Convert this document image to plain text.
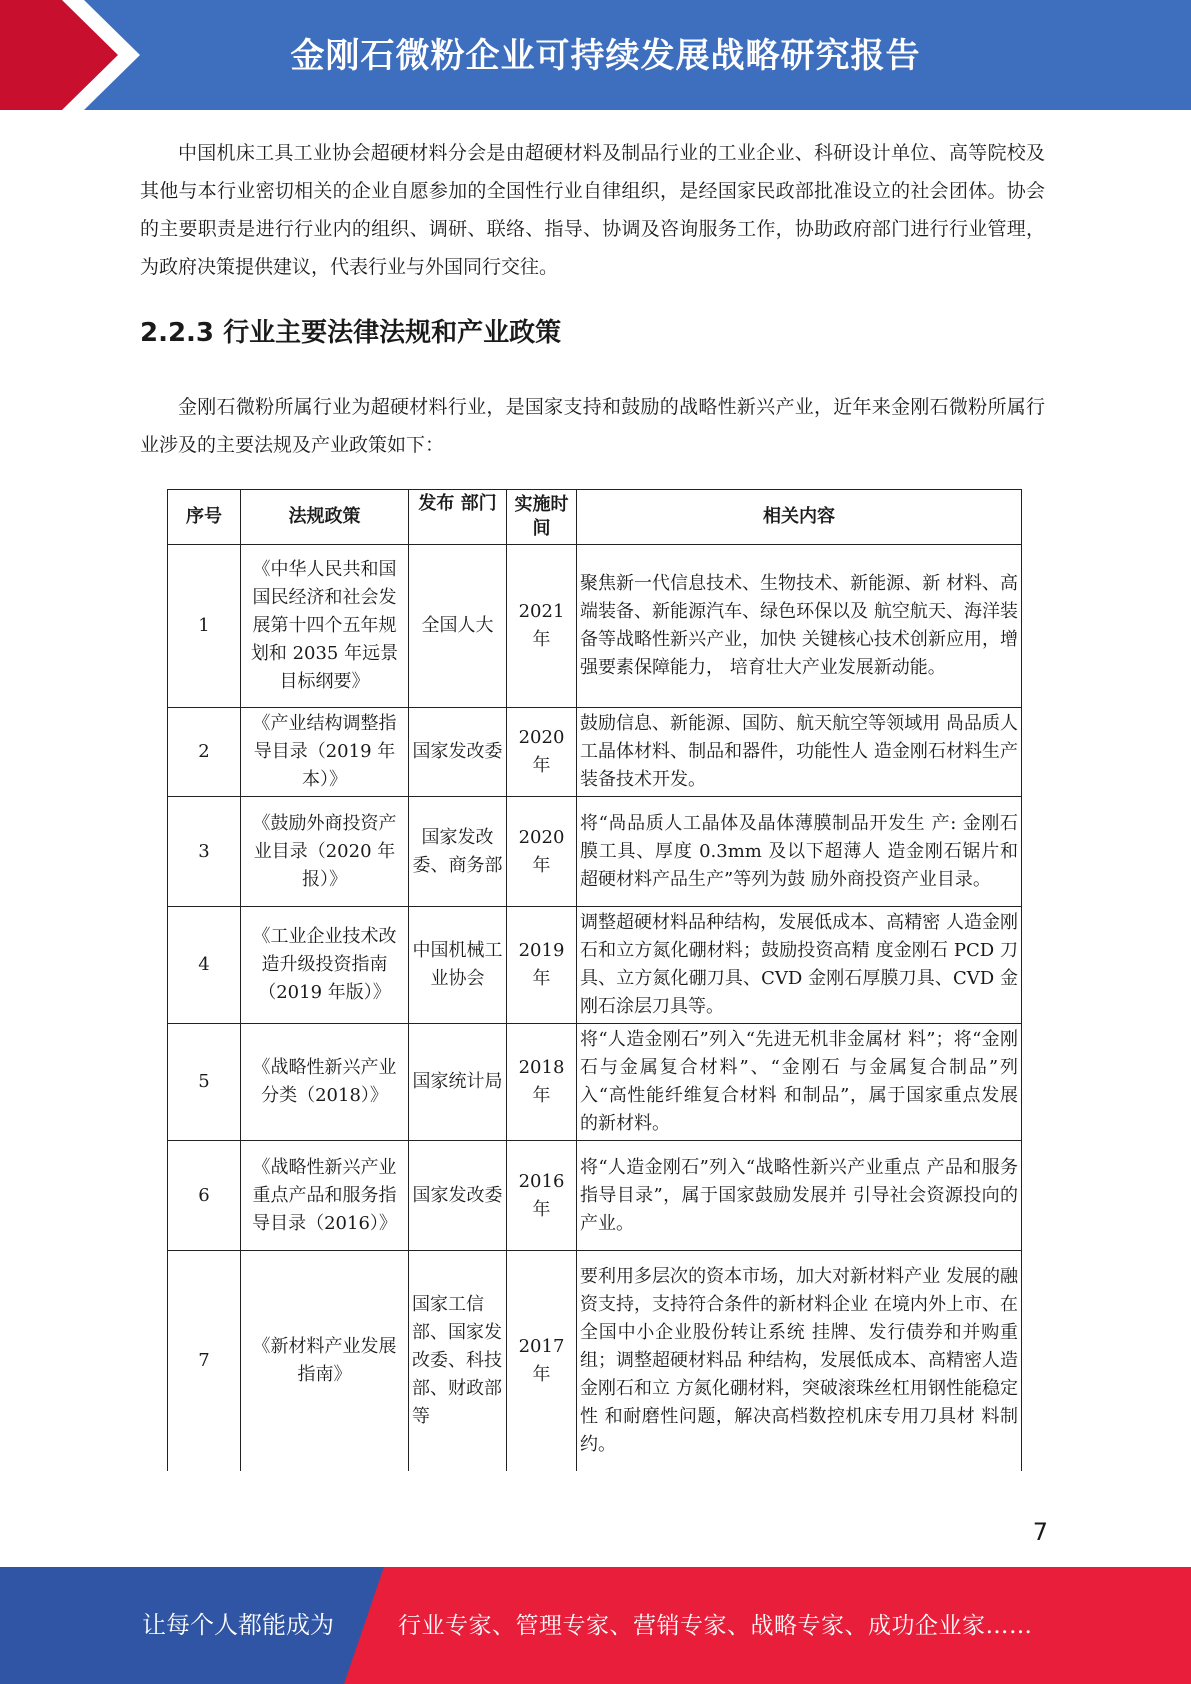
金刚石微粉企业可持续发展战略研究报告

中国机床工具工业协会超硬材料分会是由超硬材料及制品行业的工业企业、科研设计单位、高等院校及其他与本行业密切相关的企业自愿参加的全国性行业自律组织，是经国家民政部批准设立的社会团体。协会的主要职责是进行行业内的组织、调研、联络、指导、协调及咨询服务工作，协助政府部门进行行业管理，为政府决策提供建议，代表行业与外国同行交往。

2.2.3 行业主要法律法规和产业政策

金刚石微粉所属行业为超硬材料行业，是国家支持和鼓励的战略性新兴产业，近年来金刚石微粉所属行业涉及的主要法规及产业政策如下：

序号	法规政策	发布 部门	实施时间	相关内容
1	《中华人民共和国国民经济和社会发展第十四个五年规划和 2035 年远景目标纲要》	全国人大	2021 年	聚焦新一代信息技术、生物技术、新能源、新 材料、高端装备、新能源汽车、绿色环保以及 航空航天、海洋装备等战略性新兴产业，加快 关键核心技术创新应用，增强要素保障能力， 培育壮大产业发展新动能。
2	《产业结构调整指导目录（2019 年本）》	国家发改委	2020 年	鼓励信息、新能源、国防、航天航空等领域用 咼品质人工晶体材料、制品和器件，功能性人 造金刚石材料生产装备技术开发。
3	《鼓励外商投资产业目录（2020 年报）》	国家发改委、商务部	2020 年	将“咼品质人工晶体及晶体薄膜制品开发生 产: 金刚石膜工具、厚度 0.3mm 及以下超薄人 造金刚石锯片和超硬材料产品生产”等列为鼓 励外商投资产业目录。
4	《工业企业技术改造升级投资指南（2019 年版）》	中国机械工业协会	2019 年	调整超硬材料品种结构，发展低成本、高精密 人造金刚石和立方氮化硼材料；鼓励投资高精 度金刚石 PCD 刀具、立方氮化硼刀具、CVD 金刚石厚膜刀具、CVD 金刚石涂层刀具等。
5	《战略性新兴产业分类（2018）》	国家统计局	2018 年	将“人造金刚石”列入“先进无机非金属材 料”；将“金刚石与金属复合材料”、“金刚石 与金属复合制品”列入“高性能纤维复合材料 和制品”，属于国家重点发展的新材料。
6	《战略性新兴产业重点产品和服务指导目录（2016）》	国家发改委	2016 年	将“人造金刚石”列入“战略性新兴产业重点 产品和服务指导目录”，属于国家鼓励发展并 引导社会资源投向的产业。
7	《新材料产业发展指南》	国家工信部、国家发改委、科技部、财政部等	2017 年	要利用多层次的资本市场，加大对新材料产业 发展的融资支持，支持符合条件的新材料企业 在境内外上市、在全国中小企业股份转让系统 挂牌、发行债券和并购重组；调整超硬材料品 种结构，发展低成本、高精密人造金刚石和立 方氮化硼材料，突破滚珠丝杠用钢性能稳定性 和耐磨性问题，解决高档数控机床专用刀具材 料制约。
7
让每个人都能成为	行业专家、管理专家、营销专家、战略专家、成功企业家……
